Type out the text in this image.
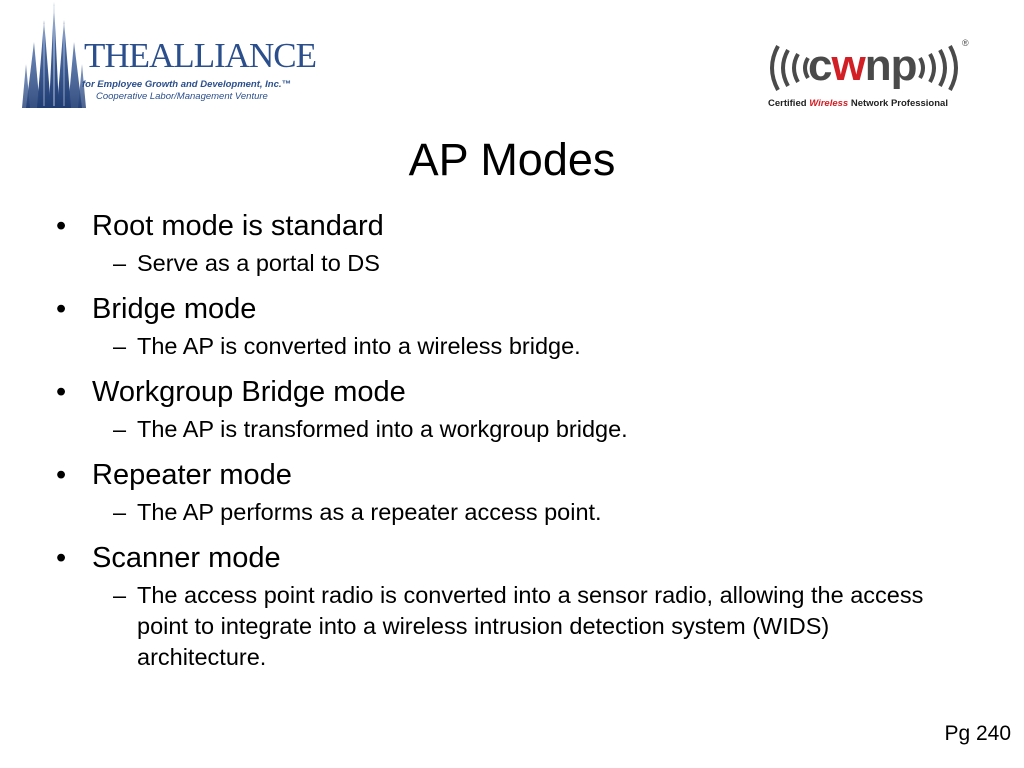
THEALLIANCE
for Employee Growth and Development, Inc.™
Cooperative Labor/Management Venture
cwnp	®
Certified Wireless Network Professional
AP Modes
• Root mode is standard
– Serve as a portal to DS
• Bridge mode
– The AP is converted into a wireless bridge.
• Workgroup Bridge mode
– The AP is transformed into a workgroup bridge.
• Repeater mode
– The AP performs as a repeater access point.
• Scanner mode
– The access point radio is converted into a sensor radio, allowing the access point to integrate into a wireless intrusion detection system (WIDS) architecture.
Pg 240
